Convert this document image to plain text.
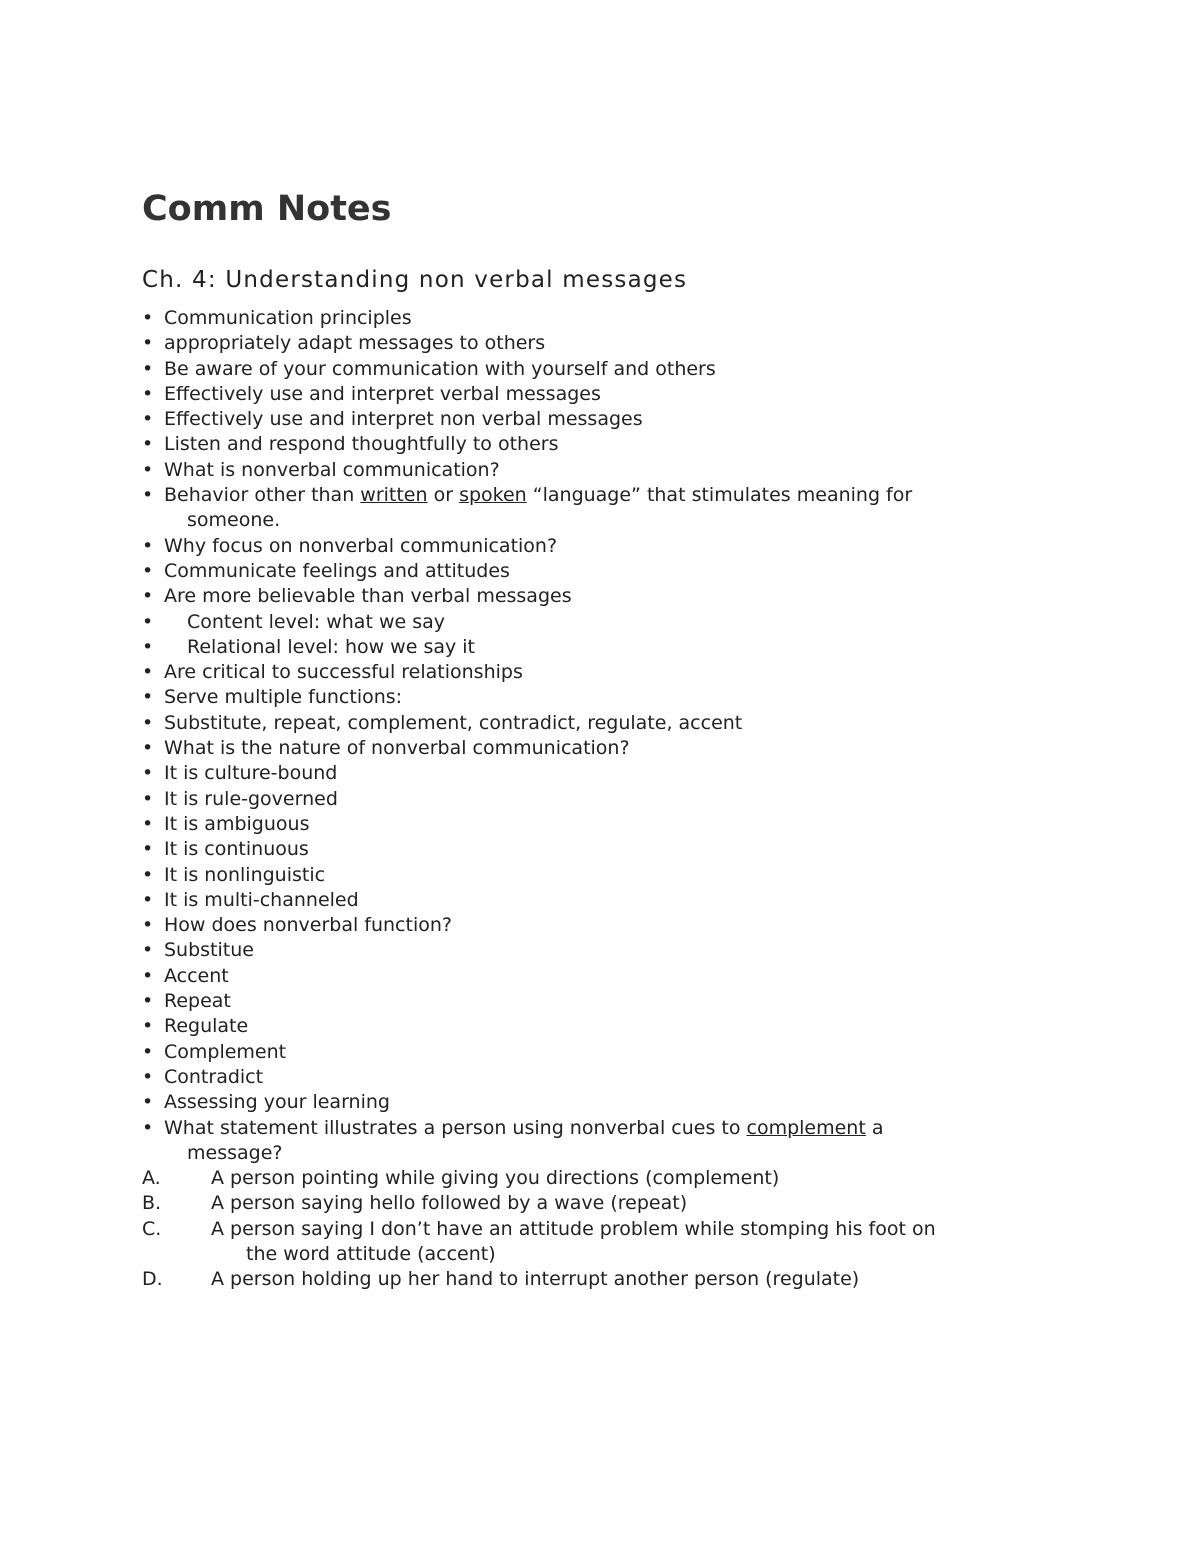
Comm Notes
Ch. 4: Understanding non verbal messages
• Communication principles
• appropriately adapt messages to others
• Be aware of your communication with yourself and others
• Effectively use and interpret verbal messages
• Effectively use and interpret non verbal messages
• Listen and respond thoughtfully to others
• What is nonverbal communication?
• Behavior other than written or spoken “language” that stimulates meaning for
someone.
• Why focus on nonverbal communication?
• Communicate feelings and attitudes
• Are more believable than verbal messages
• Content level: what we say
• Relational level: how we say it
• Are critical to successful relationships
• Serve multiple functions:
• Substitute, repeat, complement, contradict, regulate, accent
• What is the nature of nonverbal communication?
• It is culture-bound
• It is rule-governed
• It is ambiguous
• It is continuous
• It is nonlinguistic
• It is multi-channeled
• How does nonverbal function?
• Substitue
• Accent
• Repeat
• Regulate
• Complement
• Contradict
• Assessing your learning
• What statement illustrates a person using nonverbal cues to complement a
message?
A.	A person pointing while giving you directions (complement)
B.	A person saying hello followed by a wave (repeat)
C.	A person saying I don’t have an attitude problem while stomping his foot on
the word attitude (accent)
D.	A person holding up her hand to interrupt another person (regulate)
